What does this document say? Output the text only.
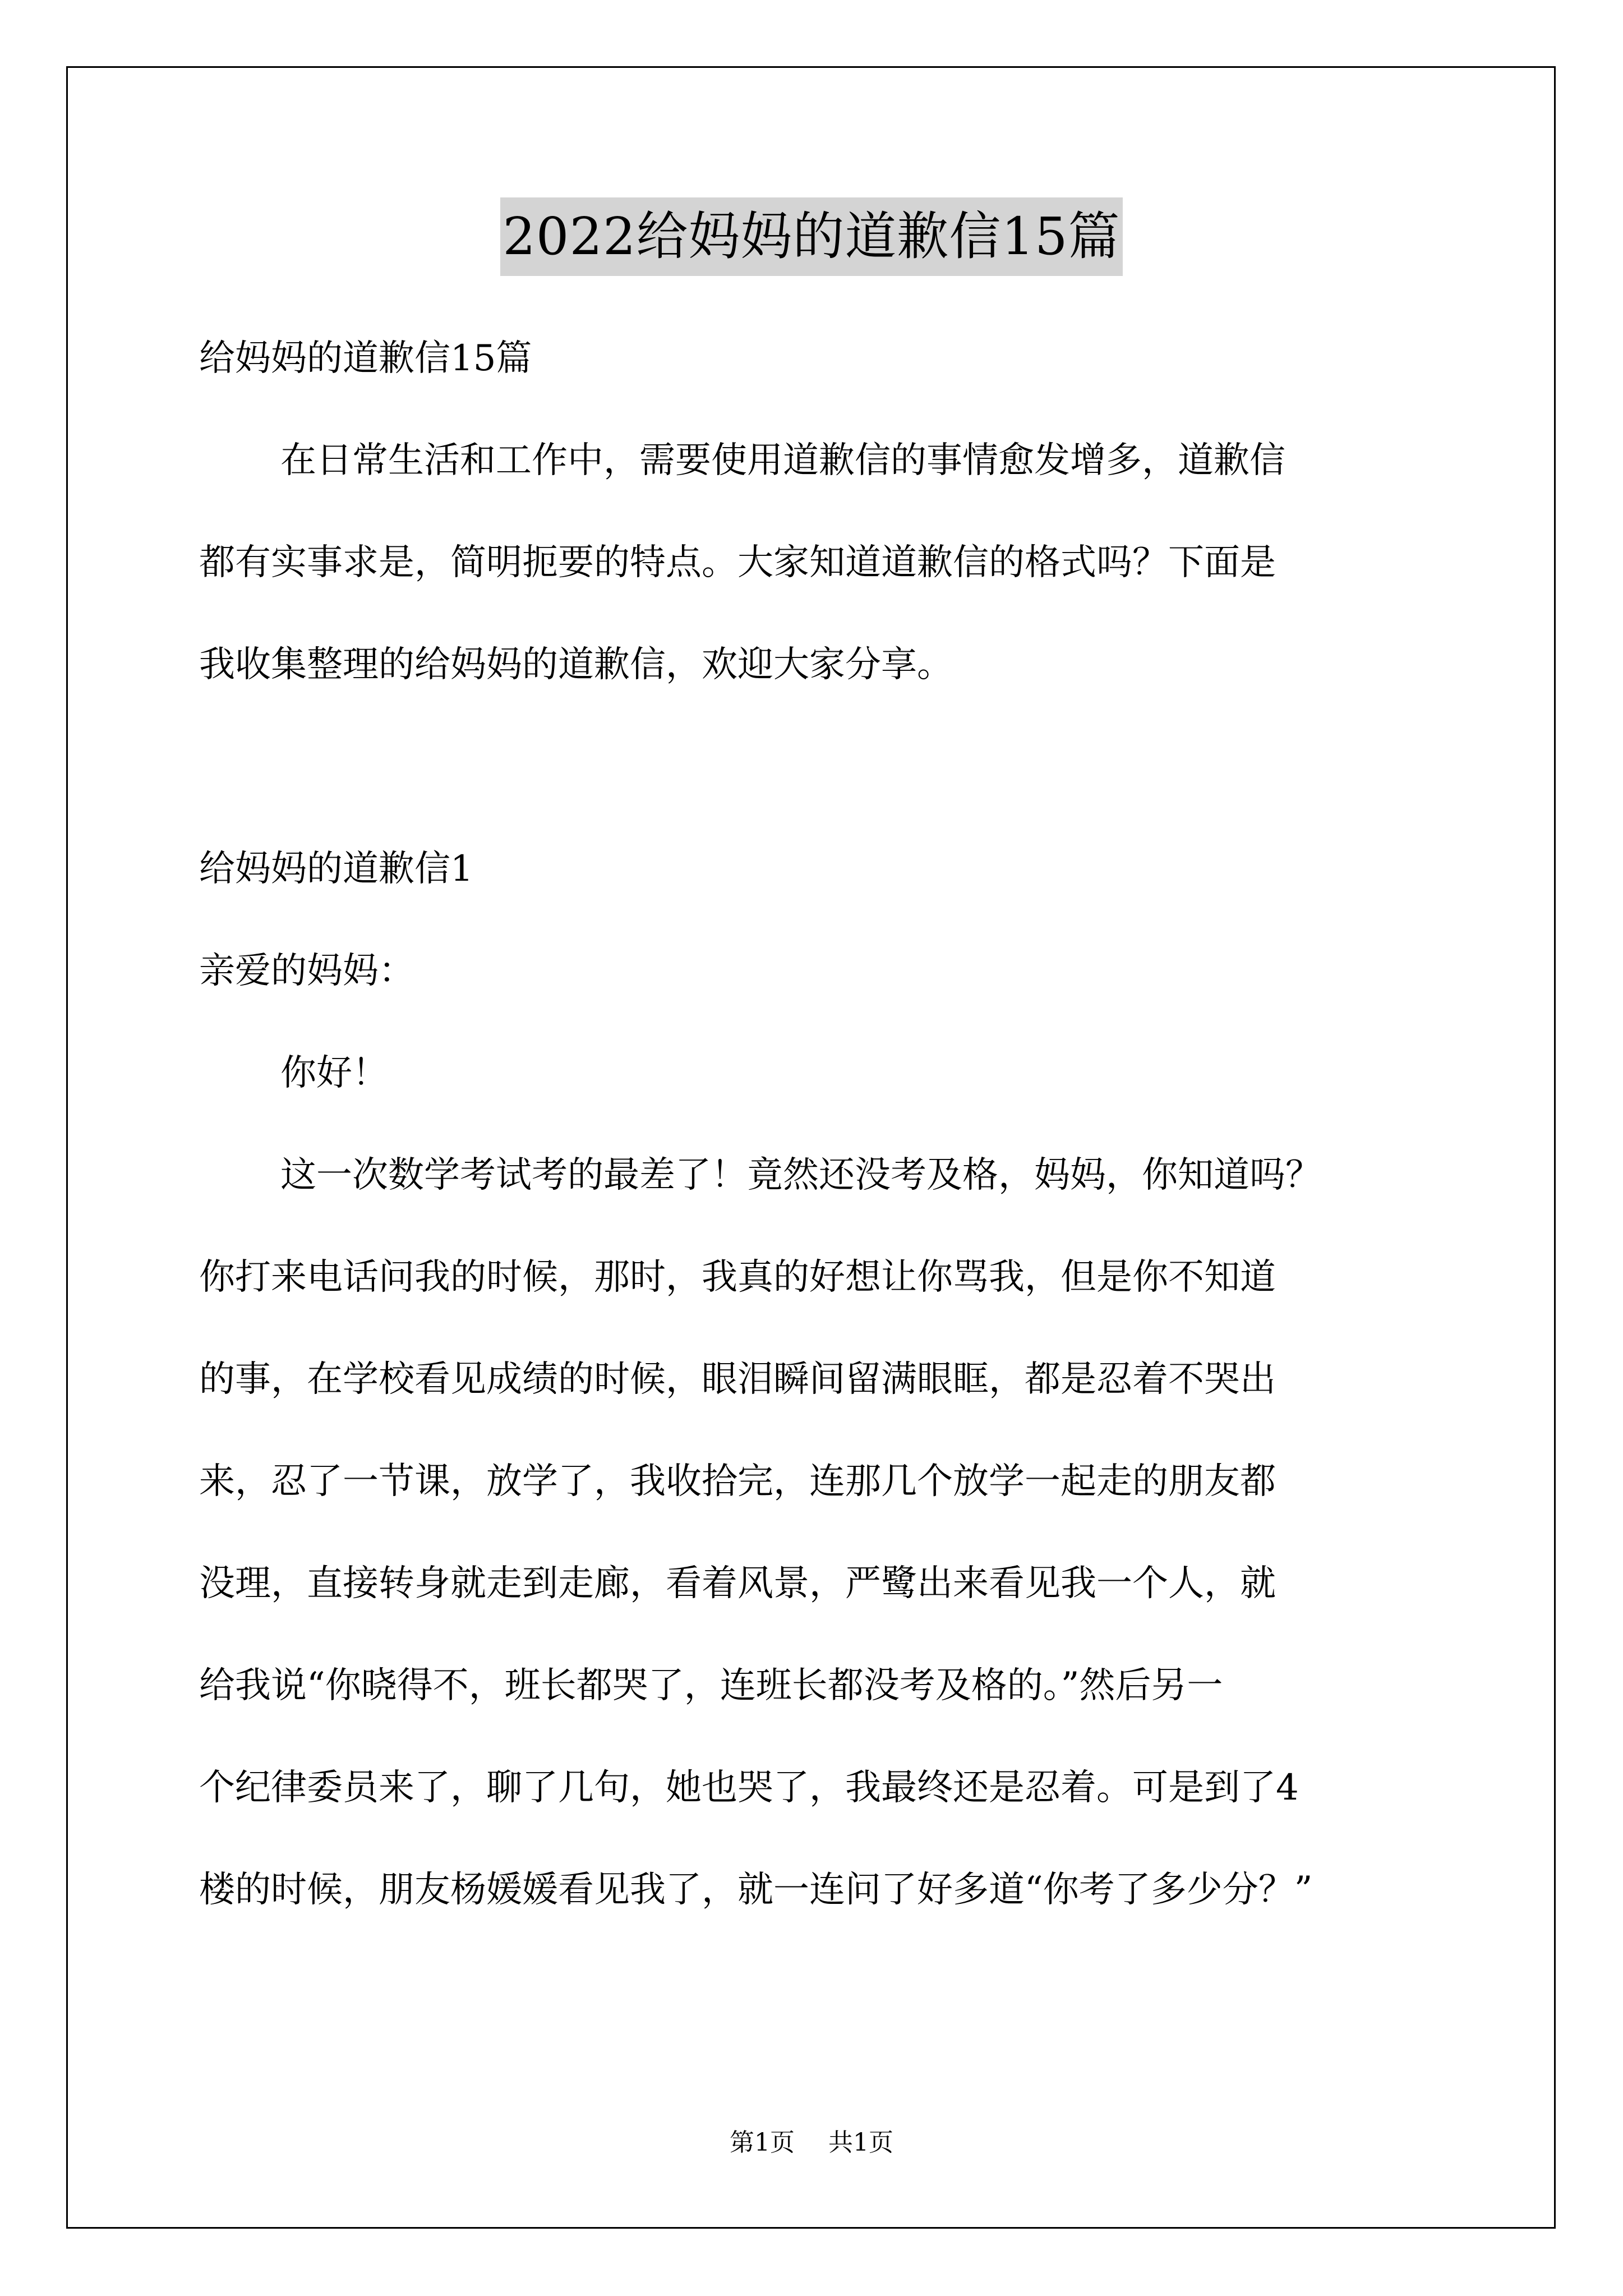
2022给妈妈的道歉信15篇
给妈妈的道歉信15篇
在日常生活和工作中，需要使用道歉信的事情愈发增多，道歉信
都有实事求是，简明扼要的特点。大家知道道歉信的格式吗？下面是
我收集整理的给妈妈的道歉信，欢迎大家分享。
给妈妈的道歉信1
亲爱的妈妈：
你好！
这一次数学考试考的最差了！竟然还没考及格，妈妈，你知道吗？
你打来电话问我的时候，那时，我真的好想让你骂我，但是你不知道
的事，在学校看见成绩的时候，眼泪瞬间留满眼眶，都是忍着不哭出
来，忍了一节课，放学了，我收拾完，连那几个放学一起走的朋友都
没理，直接转身就走到走廊，看着风景，严鹭出来看见我一个人，就
给我说“你晓得不，班长都哭了，连班长都没考及格的。”然后另一
个纪律委员来了，聊了几句，她也哭了，我最终还是忍着。可是到了4
楼的时候，朋友杨媛媛看见我了，就一连问了好多道“你考了多少分？”
第1页 共1页
